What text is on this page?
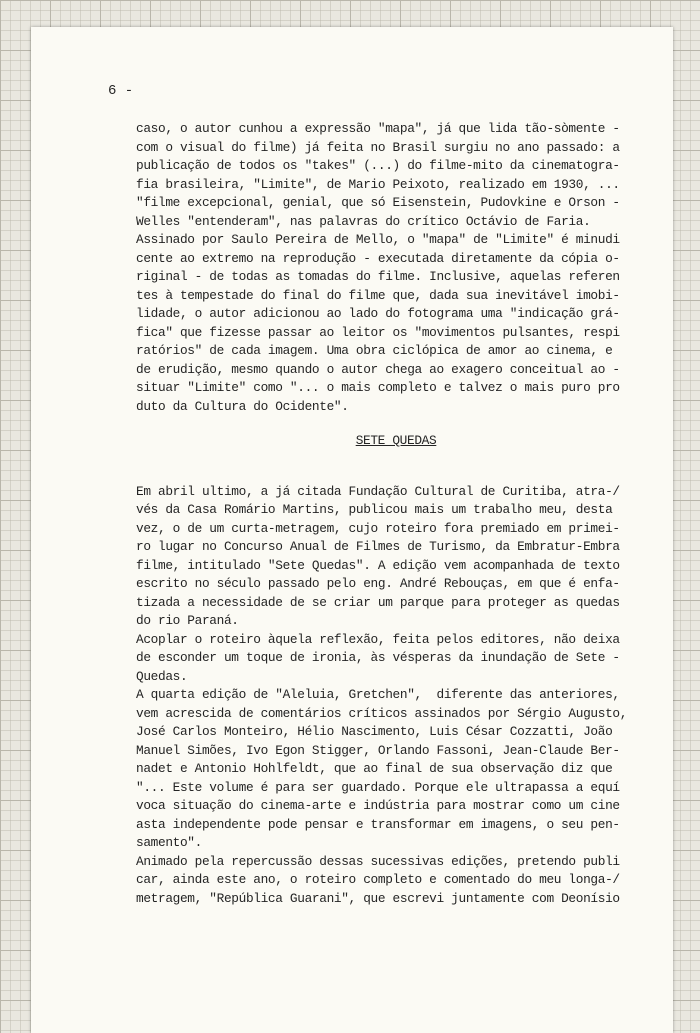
6 -
caso, o autor cunhou a expressão "mapa", já que lida tão-sòmente -
com o visual do filme) já feita no Brasil surgiu no ano passado: a
publicação de todos os "takes" (...) do filme-mito da cinematogra-
fia brasileira, "Limite", de Mario Peixoto, realizado em 1930, ...
"filme excepcional, genial, que só Eisenstein, Pudovkine e Orson -
Welles "entenderam", nas palavras do crítico Octávio de Faria.
Assinado por Saulo Pereira de Mello, o "mapa" de "Limite" é minudi
cente ao extremo na reprodução - executada diretamente da cópia o-
riginal - de todas as tomadas do filme. Inclusive, aquelas referen
tes à tempestade do final do filme que, dada sua inevitável imobi-
lidade, o autor adicionou ao lado do fotograma uma "indicação grá-
fica" que fizesse passar ao leitor os "movimentos pulsantes, respi
ratórios" de cada imagem. Uma obra ciclópica de amor ao cinema, e
de erudição, mesmo quando o autor chega ao exagero conceitual ao -
situar "Limite" como "... o mais completo e talvez o mais puro pro
duto da Cultura do Ocidente".
SETE QUEDAS
Em abril ultimo, a já citada Fundação Cultural de Curitiba, atra-/
vés da Casa Romário Martins, publicou mais um trabalho meu, desta
vez, o de um curta-metragem, cujo roteiro fora premiado em primei-
ro lugar no Concurso Anual de Filmes de Turismo, da Embratur-Embra
filme, intitulado "Sete Quedas". A edição vem acompanhada de texto
escrito no século passado pelo eng. André Rebouças, em que é enfa-
tizada a necessidade de se criar um parque para proteger as quedas
do rio Paraná.
Acoplar o roteiro àquela reflexão, feita pelos editores, não deixa
de esconder um toque de ironia, às vésperas da inundação de Sete -
Quedas.
A quarta edição de "Aleluia, Gretchen",  diferente das anteriores,
vem acrescida de comentários críticos assinados por Sérgio Augusto,
José Carlos Monteiro, Hélio Nascimento, Luis César Cozzatti, João
Manuel Simões, Ivo Egon Stigger, Orlando Fassoni, Jean-Claude Ber-
nadet e Antonio Hohlfeldt, que ao final de sua observação diz que
"... Este volume é para ser guardado. Porque ele ultrapassa a equí
voca situação do cinema-arte e indústria para mostrar como um cine
asta independente pode pensar e transformar em imagens, o seu pen-
samento".
Animado pela repercussão dessas sucessivas edições, pretendo publi
car, ainda este ano, o roteiro completo e comentado do meu longa-/
metragem, "República Guarani", que escrevi juntamente com Deonísio
